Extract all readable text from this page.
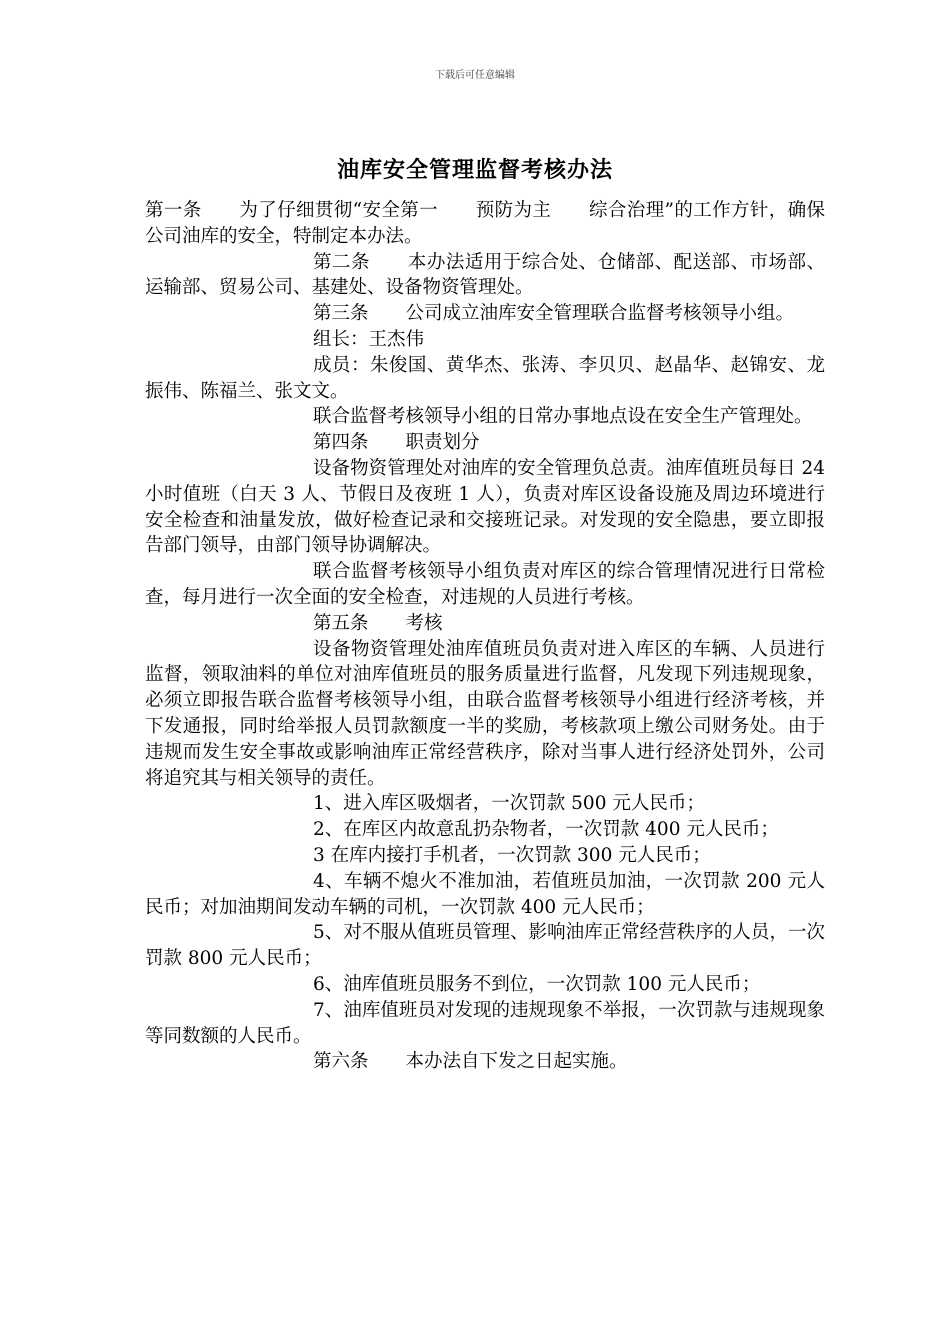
下载后可任意编辑
油库安全管理监督考核办法

第一条　　为了仔细贯彻“安全第一　　预防为主　　综合治理”的工作方针，确保公司油库的安全，特制定本办法。

第二条　　本办法适用于综合处、仓储部、配送部、市场部、运输部、贸易公司、基建处、设备物资管理处。

第三条　　公司成立油库安全管理联合监督考核领导小组。

组长：王杰伟

成员：朱俊国、黄华杰、张涛、李贝贝、赵晶华、赵锦安、龙振伟、陈福兰、张文文。

联合监督考核领导小组的日常办事地点设在安全生产管理处。

第四条　　职责划分

设备物资管理处对油库的安全管理负总责。油库值班员每日 24 小时值班（白天 3 人、节假日及夜班 1 人），负责对库区设备设施及周边环境进行安全检查和油量发放，做好检查记录和交接班记录。对发现的安全隐患，要立即报告部门领导，由部门领导协调解决。

联合监督考核领导小组负责对库区的综合管理情况进行日常检查，每月进行一次全面的安全检查，对违规的人员进行考核。

第五条　　考核

设备物资管理处油库值班员负责对进入库区的车辆、人员进行监督，领取油料的单位对油库值班员的服务质量进行监督，凡发现下列违规现象，必须立即报告联合监督考核领导小组，由联合监督考核领导小组进行经济考核，并下发通报，同时给举报人员罚款额度一半的奖励，考核款项上缴公司财务处。由于违规而发生安全事故或影响油库正常经营秩序，除对当事人进行经济处罚外，公司将追究其与相关领导的责任。

1、进入库区吸烟者，一次罚款 500 元人民币；

2、在库区内故意乱扔杂物者，一次罚款 400 元人民币；

3 在库内接打手机者，一次罚款 300 元人民币；

4、车辆不熄火不准加油，若值班员加油，一次罚款 200 元人民币；对加油期间发动车辆的司机，一次罚款 400 元人民币；

5、对不服从值班员管理、影响油库正常经营秩序的人员，一次罚款 800 元人民币；

6、油库值班员服务不到位，一次罚款 100 元人民币；

7、油库值班员对发现的违规现象不举报，一次罚款与违规现象等同数额的人民币。

第六条　　本办法自下发之日起实施。
